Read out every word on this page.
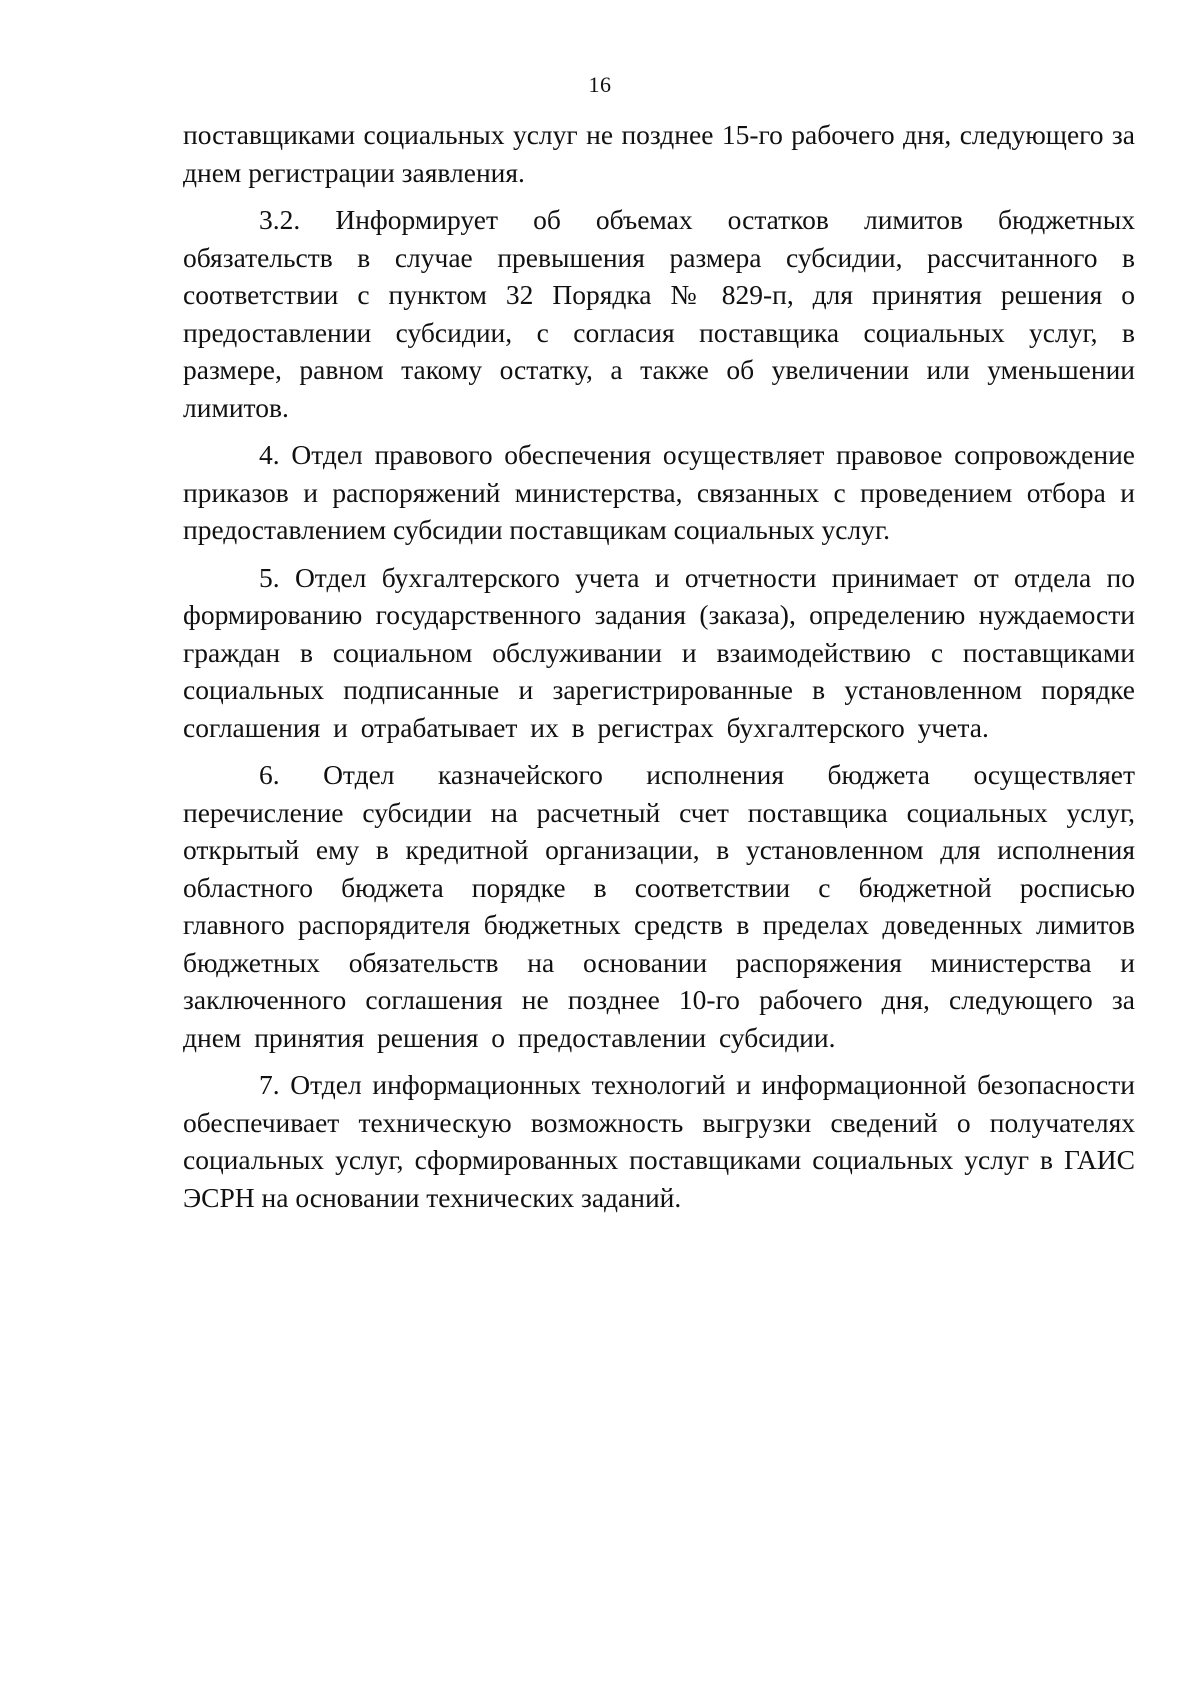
16

поставщиками социальных услуг не позднее 15-го рабочего дня, следующего за днем регистрации заявления.

3.2. Информирует об объемах остатков лимитов бюджетных обязательств в случае превышения размера субсидии, рассчитанного в соответствии с пунктом 32 Порядка № 829-п, для принятия решения о предоставлении субсидии, с согласия поставщика социальных услуг, в размере, равном такому остатку, а также об увеличении или уменьшении лимитов.

4. Отдел правового обеспечения осуществляет правовое сопровождение приказов и распоряжений министерства, связанных с проведением отбора и предоставлением субсидии поставщикам социальных услуг.

5. Отдел бухгалтерского учета и отчетности принимает от отдела по формированию государственного задания (заказа), определению нуждаемости граждан в социальном обслуживании и взаимодействию с поставщиками социальных подписанные и зарегистрированные в установленном порядке соглашения и отрабатывает их в регистрах бухгалтерского учета.

6. Отдел казначейского исполнения бюджета осуществляет перечисление субсидии на расчетный счет поставщика социальных услуг, открытый ему в кредитной организации, в установленном для исполнения областного бюджета порядке в соответствии с бюджетной росписью главного распорядителя бюджетных средств в пределах доведенных лимитов бюджетных обязательств на основании распоряжения министерства и заключенного соглашения не позднее 10-го рабочего дня, следующего за днем принятия решения о предоставлении субсидии.

7. Отдел информационных технологий и информационной безопасности обеспечивает техническую возможность выгрузки сведений о получателях социальных услуг, сформированных поставщиками социальных услуг в ГАИС ЭСРН на основании технических заданий.
